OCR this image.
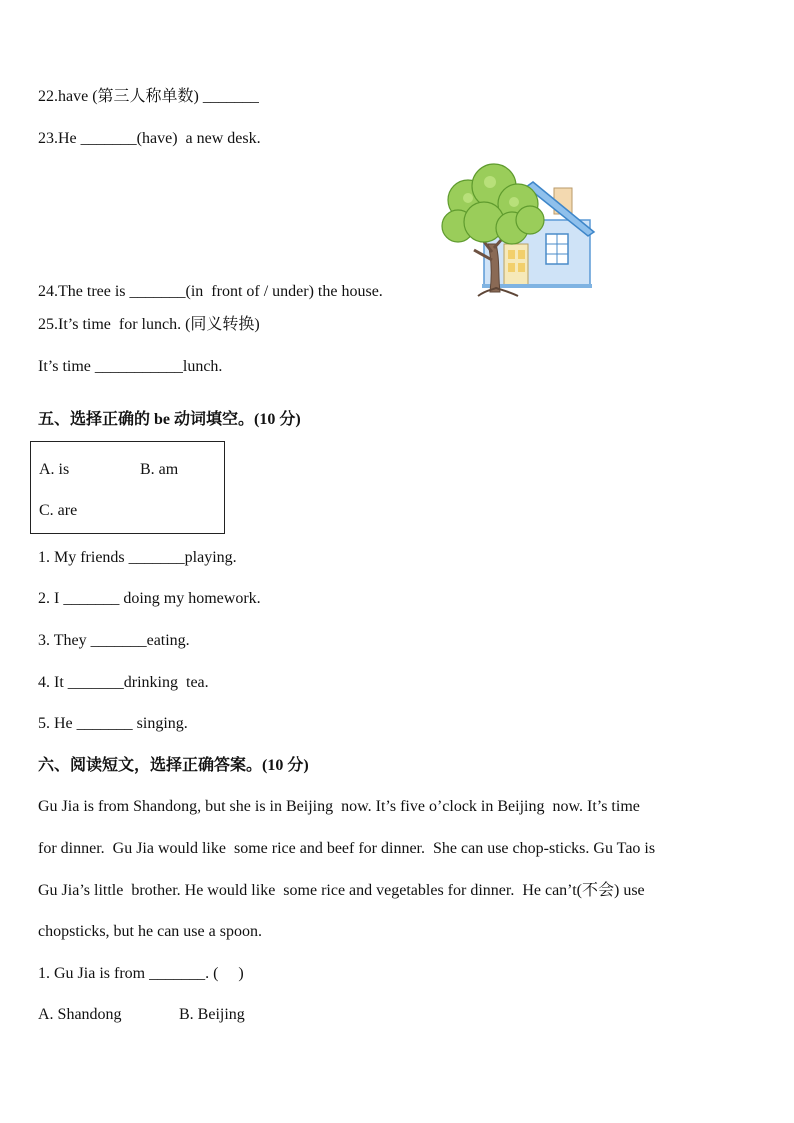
22.have (第三人称单数) _______
23.He _______(have)  a new desk.
24.The tree is _______(in  front of / under) the house.
25.It’s time  for lunch. (同义转换)
It’s time ___________lunch.
五、选择正确的 be 动词填空。(10 分)
A. is	B. am
C. are
1. My friends _______playing.
2. I _______ doing my homework.
3. They _______eating.
4. It _______drinking  tea.
5. He _______ singing.
六、阅读短文，选择正确答案。(10 分)
Gu Jia is from Shandong, but she is in Beijing  now. It’s five o’clock in Beijing  now. It’s time
for dinner.  Gu Jia would like  some rice and beef for dinner.  She can use chop-sticks. Gu Tao is
Gu Jia’s little  brother. He would like  some rice and vegetables for dinner.  He can’t(不会) use
chopsticks, but he can use a spoon.
1. Gu Jia is from _______. (     )
A. Shandong	B. Beijing
